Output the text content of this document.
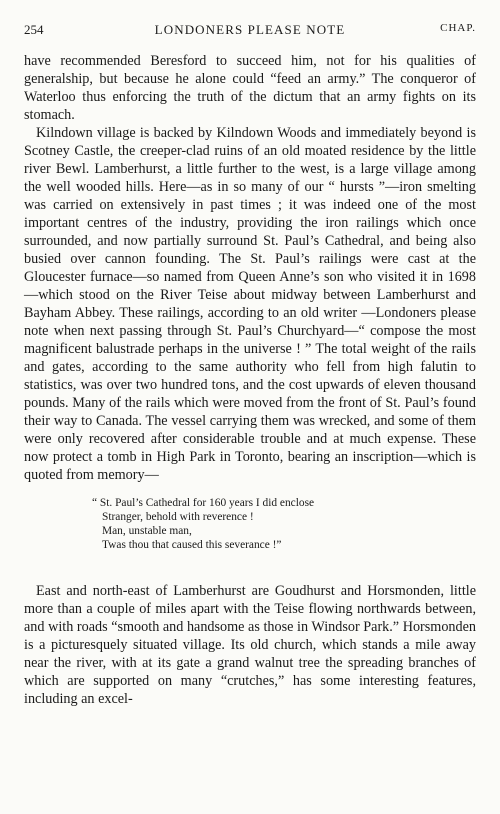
254	LONDONERS PLEASE NOTE	CHAP.

have recommended Beresford to succeed him, not for his qualities of generalship, but because he alone could “feed an army.” The conqueror of Waterloo thus enforcing the truth of the dictum that an army fights on its stomach.

Kilndown village is backed by Kilndown Woods and immediately beyond is Scotney Castle, the creeper-clad ruins of an old moated residence by the little river Bewl. Lamberhurst, a little further to the west, is a large village among the well wooded hills. Here—as in so many of our “ hursts ”—iron smelting was carried on extensively in past times ; it was indeed one of the most important centres of the industry, providing the iron railings which once surrounded, and now partially surround St. Paul’s Cathedral, and being also busied over cannon founding. The St. Paul’s railings were cast at the Gloucester furnace—so named from Queen Anne’s son who visited it in 1698—which stood on the River Teise about midway between Lamberhurst and Bayham Abbey. These railings, according to an old writer —Londoners please note when next passing through St. Paul’s Churchyard—“ compose the most magnificent balustrade perhaps in the universe ! ” The total weight of the rails and gates, according to the same authority who fell from high falutin to statistics, was over two hundred tons, and the cost upwards of eleven thousand pounds. Many of the rails which were moved from the front of St. Paul’s found their way to Canada. The vessel carrying them was wrecked, and some of them were only recovered after considerable trouble and at much expense. These now protect a tomb in High Park in Toronto, bearing an inscription—which is quoted from memory—

“ St. Paul’s Cathedral for 160 years I did enclose
Stranger, behold with reverence !
Man, unstable man,
Twas thou that caused this severance !”

East and north-east of Lamberhurst are Goudhurst and Horsmonden, little more than a couple of miles apart with the Teise flowing northwards between, and with roads “smooth and handsome as those in Windsor Park.” Horsmonden is a picturesquely situated village. Its old church, which stands a mile away near the river, with at its gate a grand walnut tree the spreading branches of which are supported on many “crutches,” has some interesting features, including an excel-
